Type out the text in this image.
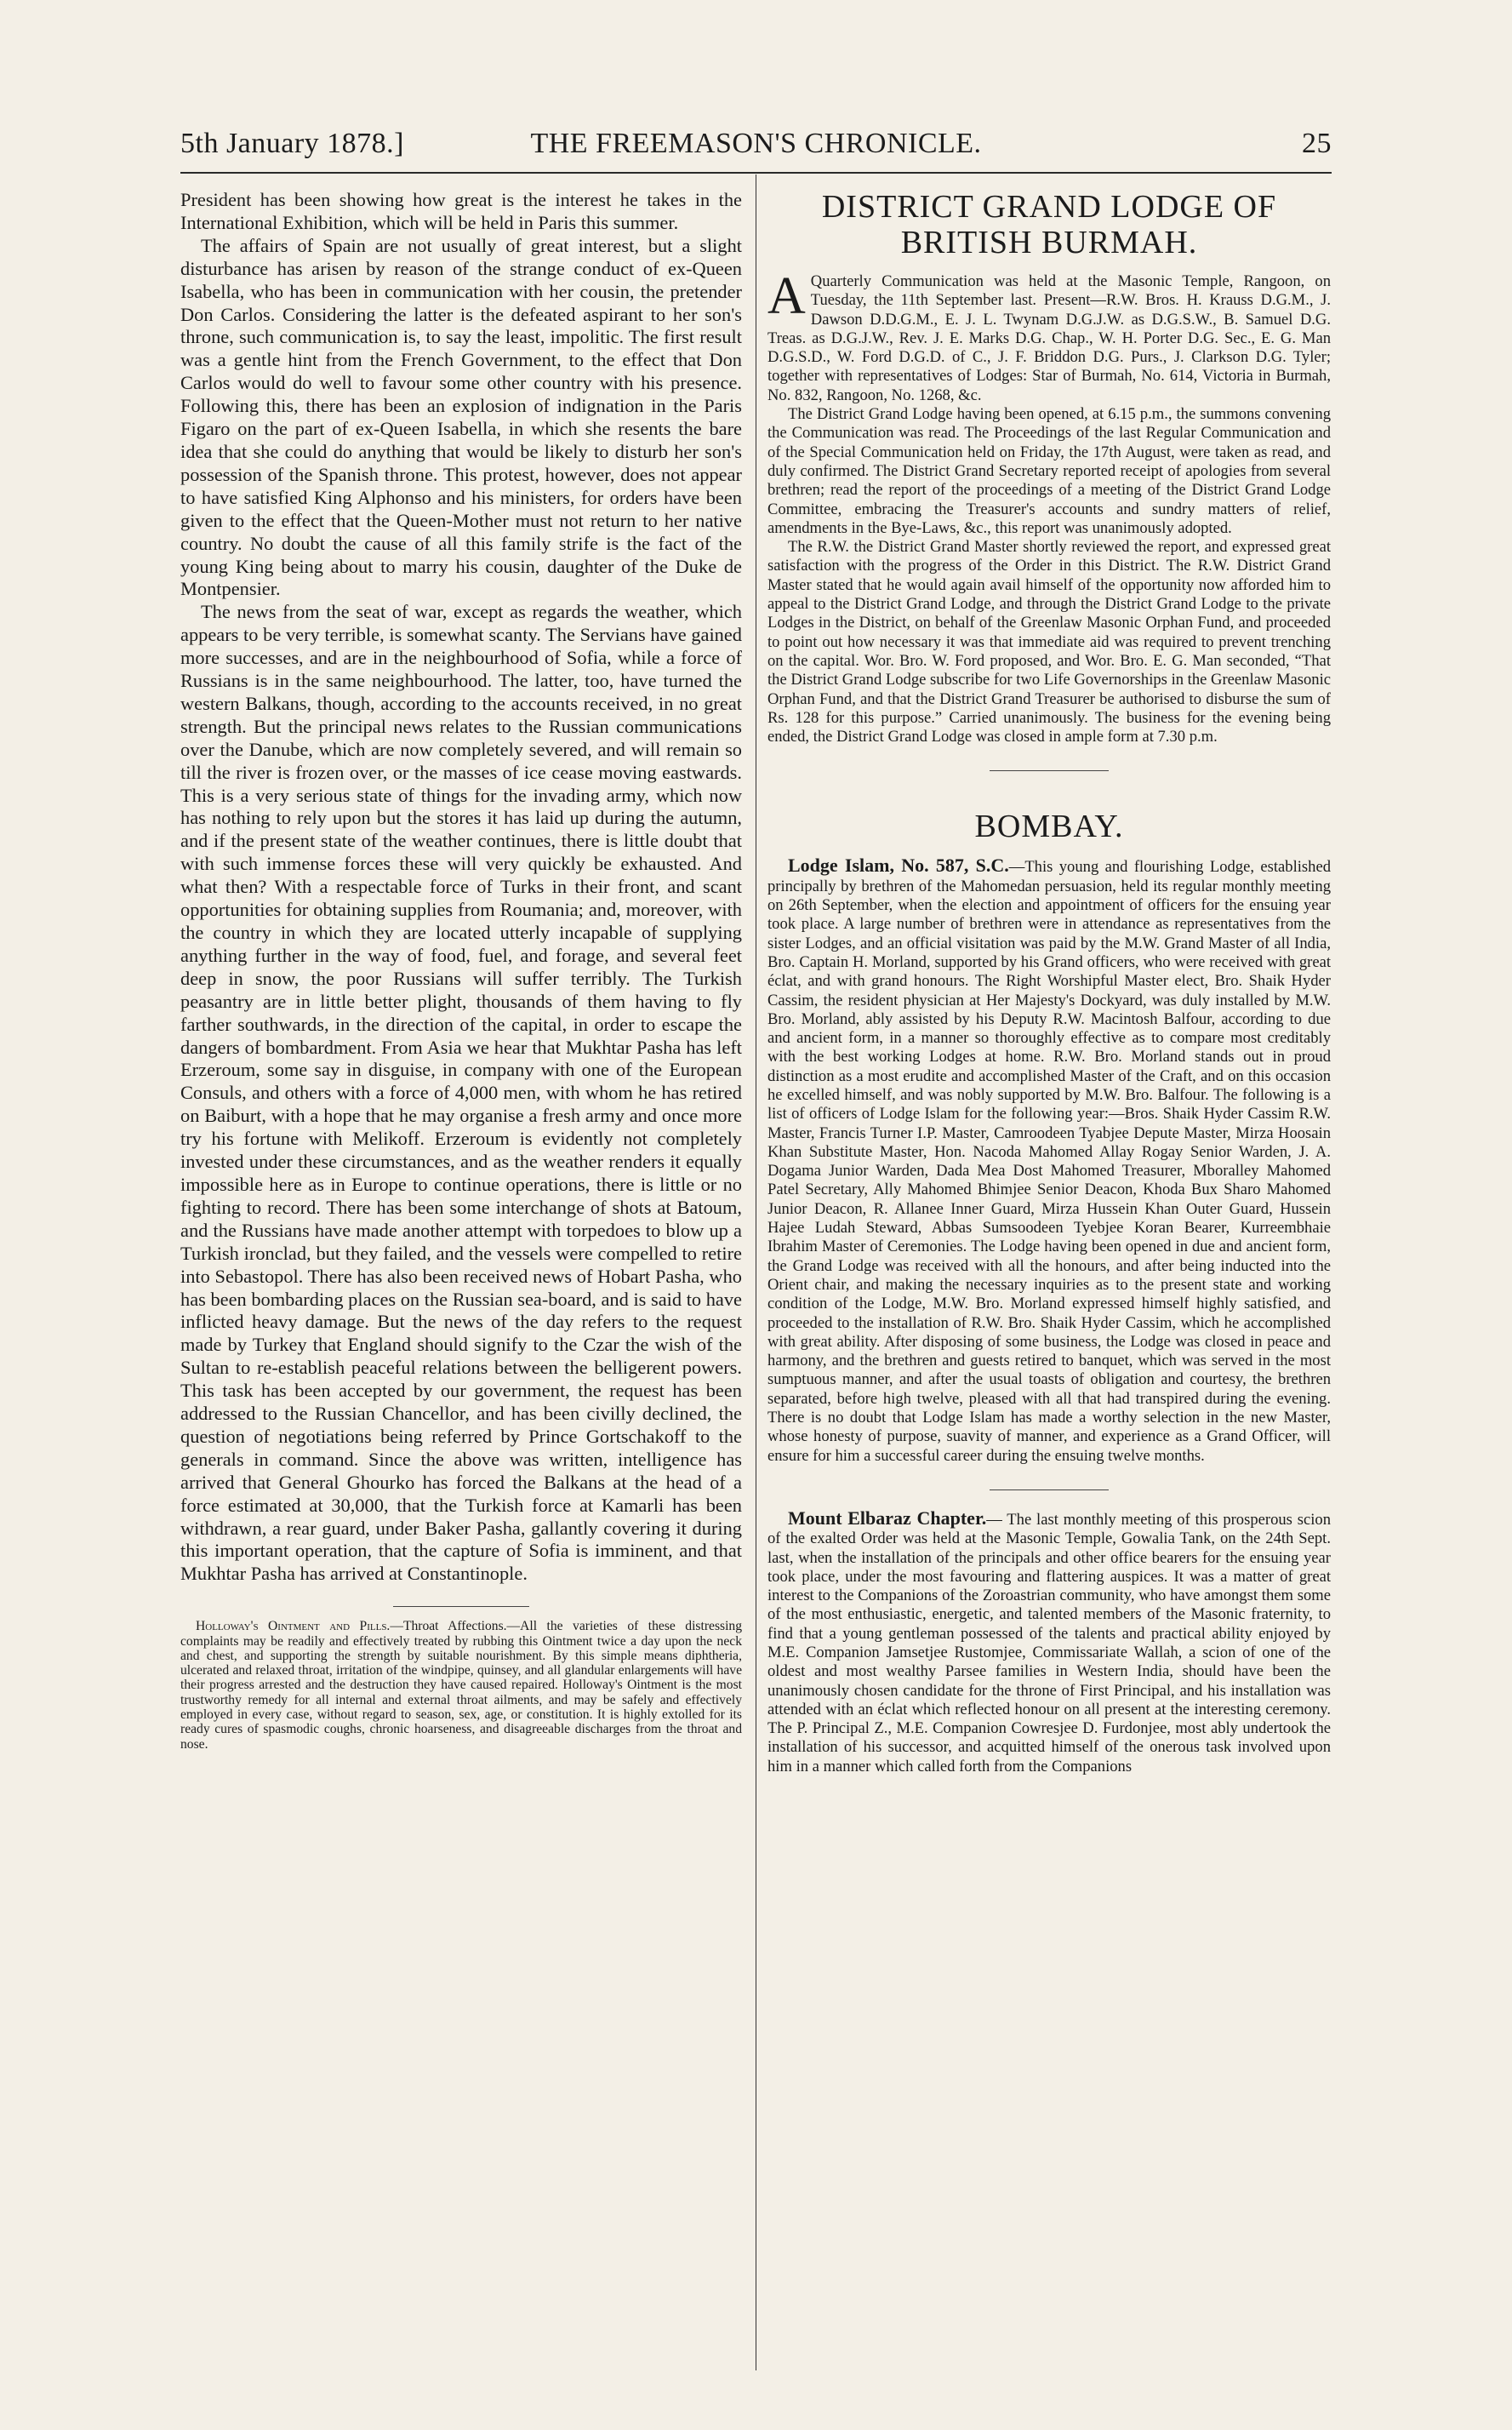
5th January 1878.]	THE FREEMASON'S CHRONICLE.	25

President has been showing how great is the interest he takes in the International Exhibition, which will be held in Paris this summer.

The affairs of Spain are not usually of great interest, but a slight disturbance has arisen by reason of the strange conduct of ex-Queen Isabella, who has been in communication with her cousin, the pretender Don Carlos. Considering the latter is the defeated aspirant to her son's throne, such communication is, to say the least, impolitic. The first result was a gentle hint from the French Government, to the effect that Don Carlos would do well to favour some other country with his presence. Following this, there has been an explosion of indignation in the Paris Figaro on the part of ex-Queen Isabella, in which she resents the bare idea that she could do anything that would be likely to disturb her son's possession of the Spanish throne. This protest, however, does not appear to have satisfied King Alphonso and his ministers, for orders have been given to the effect that the Queen-Mother must not return to her native country. No doubt the cause of all this family strife is the fact of the young King being about to marry his cousin, daughter of the Duke de Montpensier.

The news from the seat of war, except as regards the weather, which appears to be very terrible, is somewhat scanty. The Servians have gained more successes, and are in the neighbourhood of Sofia, while a force of Russians is in the same neighbourhood. The latter, too, have turned the western Balkans, though, according to the accounts received, in no great strength. But the principal news relates to the Russian communications over the Danube, which are now completely severed, and will remain so till the river is frozen over, or the masses of ice cease moving eastwards. This is a very serious state of things for the invading army, which now has nothing to rely upon but the stores it has laid up during the autumn, and if the present state of the weather continues, there is little doubt that with such immense forces these will very quickly be exhausted. And what then? With a respectable force of Turks in their front, and scant opportunities for obtaining supplies from Roumania; and, moreover, with the country in which they are located utterly incapable of supplying anything further in the way of food, fuel, and forage, and several feet deep in snow, the poor Russians will suffer terribly. The Turkish peasantry are in little better plight, thousands of them having to fly farther southwards, in the direction of the capital, in order to escape the dangers of bombardment. From Asia we hear that Mukhtar Pasha has left Erzeroum, some say in disguise, in company with one of the European Consuls, and others with a force of 4,000 men, with whom he has retired on Baiburt, with a hope that he may organise a fresh army and once more try his fortune with Melikoff. Erzeroum is evidently not completely invested under these circumstances, and as the weather renders it equally impossible here as in Europe to continue operations, there is little or no fighting to record. There has been some interchange of shots at Batoum, and the Russians have made another attempt with torpedoes to blow up a Turkish ironclad, but they failed, and the vessels were compelled to retire into Sebastopol. There has also been received news of Hobart Pasha, who has been bombarding places on the Russian sea-board, and is said to have inflicted heavy damage. But the news of the day refers to the request made by Turkey that England should signify to the Czar the wish of the Sultan to re-establish peaceful relations between the belligerent powers. This task has been accepted by our government, the request has been addressed to the Russian Chancellor, and has been civilly declined, the question of negotiations being referred by Prince Gortschakoff to the generals in command. Since the above was written, intelligence has arrived that General Ghourko has forced the Balkans at the head of a force estimated at 30,000, that the Turkish force at Kamarli has been withdrawn, a rear guard, under Baker Pasha, gallantly covering it during this important operation, that the capture of Sofia is imminent, and that Mukhtar Pasha has arrived at Constantinople.

Holloway's Ointment and Pills.—Throat Affections.—All the varieties of these distressing complaints may be readily and effectively treated by rubbing this Ointment twice a day upon the neck and chest, and supporting the strength by suitable nourishment. By this simple means diphtheria, ulcerated and relaxed throat, irritation of the windpipe, quinsey, and all glandular enlargements will have their progress arrested and the destruction they have caused repaired. Holloway's Ointment is the most trustworthy remedy for all internal and external throat ailments, and may be safely and effectively employed in every case, without regard to season, sex, age, or constitution. It is highly extolled for its ready cures of spasmodic coughs, chronic hoarseness, and disagreeable discharges from the throat and nose.

DISTRICT GRAND LODGE OF BRITISH BURMAH.

A Quarterly Communication was held at the Masonic Temple, Rangoon, on Tuesday, the 11th September last. Present—R.W. Bros. H. Krauss D.G.M., J. Dawson D.D.G.M., E. J. L. Twynam D.G.J.W. as D.G.S.W., B. Samuel D.G. Treas. as D.G.J.W., Rev. J. E. Marks D.G. Chap., W. H. Porter D.G. Sec., E. G. Man D.G.S.D., W. Ford D.G.D. of C., J. F. Briddon D.G. Purs., J. Clarkson D.G. Tyler; together with representatives of Lodges: Star of Burmah, No. 614, Victoria in Burmah, No. 832, Rangoon, No. 1268, &c.

The District Grand Lodge having been opened, at 6.15 p.m., the summons convening the Communication was read. The Proceedings of the last Regular Communication and of the Special Communication held on Friday, the 17th August, were taken as read, and duly confirmed. The District Grand Secretary reported receipt of apologies from several brethren; read the report of the proceedings of a meeting of the District Grand Lodge Committee, embracing the Treasurer's accounts and sundry matters of relief, amendments in the Bye-Laws, &c., this report was unanimously adopted.

The R.W. the District Grand Master shortly reviewed the report, and expressed great satisfaction with the progress of the Order in this District. The R.W. District Grand Master stated that he would again avail himself of the opportunity now afforded him to appeal to the District Grand Lodge, and through the District Grand Lodge to the private Lodges in the District, on behalf of the Greenlaw Masonic Orphan Fund, and proceeded to point out how necessary it was that immediate aid was required to prevent trenching on the capital. Wor. Bro. W. Ford proposed, and Wor. Bro. E. G. Man seconded, “That the District Grand Lodge subscribe for two Life Governorships in the Greenlaw Masonic Orphan Fund, and that the District Grand Treasurer be authorised to disburse the sum of Rs. 128 for this purpose.” Carried unanimously. The business for the evening being ended, the District Grand Lodge was closed in ample form at 7.30 p.m.

BOMBAY.

Lodge Islam, No. 587, S.C.—This young and flourishing Lodge, established principally by brethren of the Mahomedan persuasion, held its regular monthly meeting on 26th September, when the election and appointment of officers for the ensuing year took place. A large number of brethren were in attendance as representatives from the sister Lodges, and an official visitation was paid by the M.W. Grand Master of all India, Bro. Captain H. Morland, supported by his Grand officers, who were received with great éclat, and with grand honours. The Right Worshipful Master elect, Bro. Shaik Hyder Cassim, the resident physician at Her Majesty's Dockyard, was duly installed by M.W. Bro. Morland, ably assisted by his Deputy R.W. Macintosh Balfour, according to due and ancient form, in a manner so thoroughly effective as to compare most creditably with the best working Lodges at home. R.W. Bro. Morland stands out in proud distinction as a most erudite and accomplished Master of the Craft, and on this occasion he excelled himself, and was nobly supported by M.W. Bro. Balfour. The following is a list of officers of Lodge Islam for the following year:—Bros. Shaik Hyder Cassim R.W. Master, Francis Turner I.P. Master, Camroodeen Tyabjee Depute Master, Mirza Hoosain Khan Substitute Master, Hon. Nacoda Mahomed Allay Rogay Senior Warden, J. A. Dogama Junior Warden, Dada Mea Dost Mahomed Treasurer, Mboralley Mahomed Patel Secretary, Ally Mahomed Bhimjee Senior Deacon, Khoda Bux Sharo Mahomed Junior Deacon, R. Allanee Inner Guard, Mirza Hussein Khan Outer Guard, Hussein Hajee Ludah Steward, Abbas Sumsoodeen Tyebjee Koran Bearer, Kurreembhaie Ibrahim Master of Ceremonies. The Lodge having been opened in due and ancient form, the Grand Lodge was received with all the honours, and after being inducted into the Orient chair, and making the necessary inquiries as to the present state and working condition of the Lodge, M.W. Bro. Morland expressed himself highly satisfied, and proceeded to the installation of R.W. Bro. Shaik Hyder Cassim, which he accomplished with great ability. After disposing of some business, the Lodge was closed in peace and harmony, and the brethren and guests retired to banquet, which was served in the most sumptuous manner, and after the usual toasts of obligation and courtesy, the brethren separated, before high twelve, pleased with all that had transpired during the evening. There is no doubt that Lodge Islam has made a worthy selection in the new Master, whose honesty of purpose, suavity of manner, and experience as a Grand Officer, will ensure for him a successful career during the ensuing twelve months.

Mount Elbaraz Chapter.— The last monthly meeting of this prosperous scion of the exalted Order was held at the Masonic Temple, Gowalia Tank, on the 24th Sept. last, when the installation of the principals and other office bearers for the ensuing year took place, under the most favouring and flattering auspices. It was a matter of great interest to the Companions of the Zoroastrian community, who have amongst them some of the most enthusiastic, energetic, and talented members of the Masonic fraternity, to find that a young gentleman possessed of the talents and practical ability enjoyed by M.E. Companion Jamsetjee Rustomjee, Commissariate Wallah, a scion of one of the oldest and most wealthy Parsee families in Western India, should have been the unanimously chosen candidate for the throne of First Principal, and his installation was attended with an éclat which reflected honour on all present at the interesting ceremony. The P. Principal Z., M.E. Companion Cowresjee D. Furdonjee, most ably undertook the installation of his successor, and acquitted himself of the onerous task involved upon him in a manner which called forth from the Companions
